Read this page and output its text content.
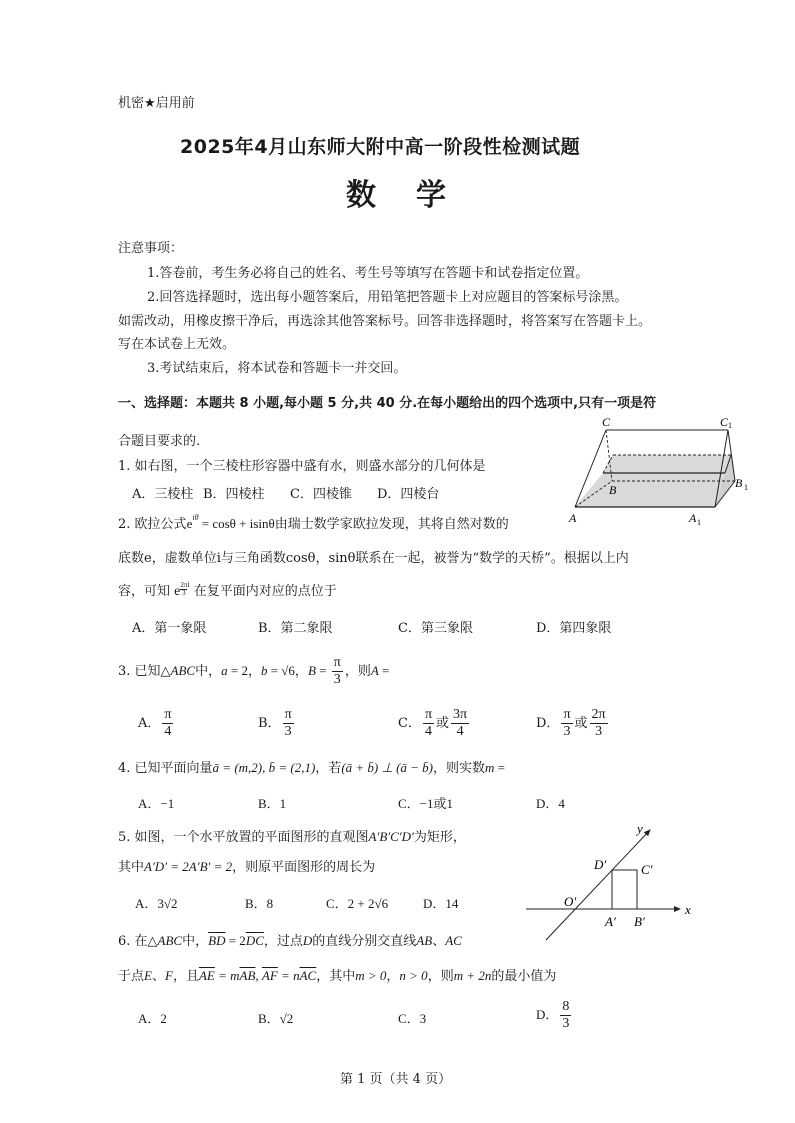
机密★启用前
2025年4月山东师大附中高一阶段性检测试题
数学
注意事项：
1.答卷前，考生务必将自己的姓名、考生号等填写在答题卡和试卷指定位置。
2.回答选择题时，选出每小题答案后，用铅笔把答题卡上对应题目的答案标号涂黑。
如需改动，用橡皮擦干净后，再选涂其他答案标号。回答非选择题时，将答案写在答题卡上。
写在本试卷上无效。
3.考试结束后，将本试卷和答题卡一并交回。
一、选择题：本题共 8 小题,每小题 5 分,共 40 分.在每小题给出的四个选项中,只有一项是符
合题目要求的.
1. 如右图，一个三棱柱形容器中盛有水，则盛水部分的几何体是
A．三棱柱 B．四棱柱 C．四棱锥 D．四棱台
C	C 1
B	B 1
A	A 1
2. 欧拉公式$e^{i\theta} = \cos\theta + isin\theta$由瑞士数学家欧拉发现，其将自然对数的
底数e，虚数单位i与三角函数cosθ，sinθ联系在一起，被誉为“数学的天桥”。根据以上内
容，可知 e $\frac{2\pi}{3} ^i$ 在复平面内对应的点位于
A．第一象限	B．第二象限	C．第三象限	D．第四象限
3. 已知△ABC中，a = 2，b = √6，$B = \frac{\pi}{3}$ ，则A =
A． $\frac{\pi}{4}$	B． $\frac{\pi}{3}$	C． $\frac{\pi}{4}$ 或 $\frac{3\pi}{4}$	D． $\frac{\pi}{3}$ 或 $\frac{2\pi}{3}$
4. 已知平面向量ā = (m,2), b̄ = (2,1)，若(ā + b̄) ⊥ (ā − b̄)，则实数m =
A．−1	B．1	C．−1或1	D．4
5. 如图，一个水平放置的平面图形的直观图A′B′C′D′为矩形，
其中A′D′ = 2A′B′ = 2，则原平面图形的周长为
A．3√2	B．8	C．2 + 2√6	D．14
y
x
D′	C′
O′
A′ B′
6. 在△ABC中，$\overline{BD} = 2\overline{DC}$，过点D的直线分别交直线AB、AC
于点E、F，且$\overline{AE} = m\overline{AB}$, $\overline{AF} = n\overline{AC}$，其中m > 0，n > 0，则m + 2n的最小值为
A．2	B．√2	C．3	D． $\frac{8}{3}$
第 1 页（共 4 页）
